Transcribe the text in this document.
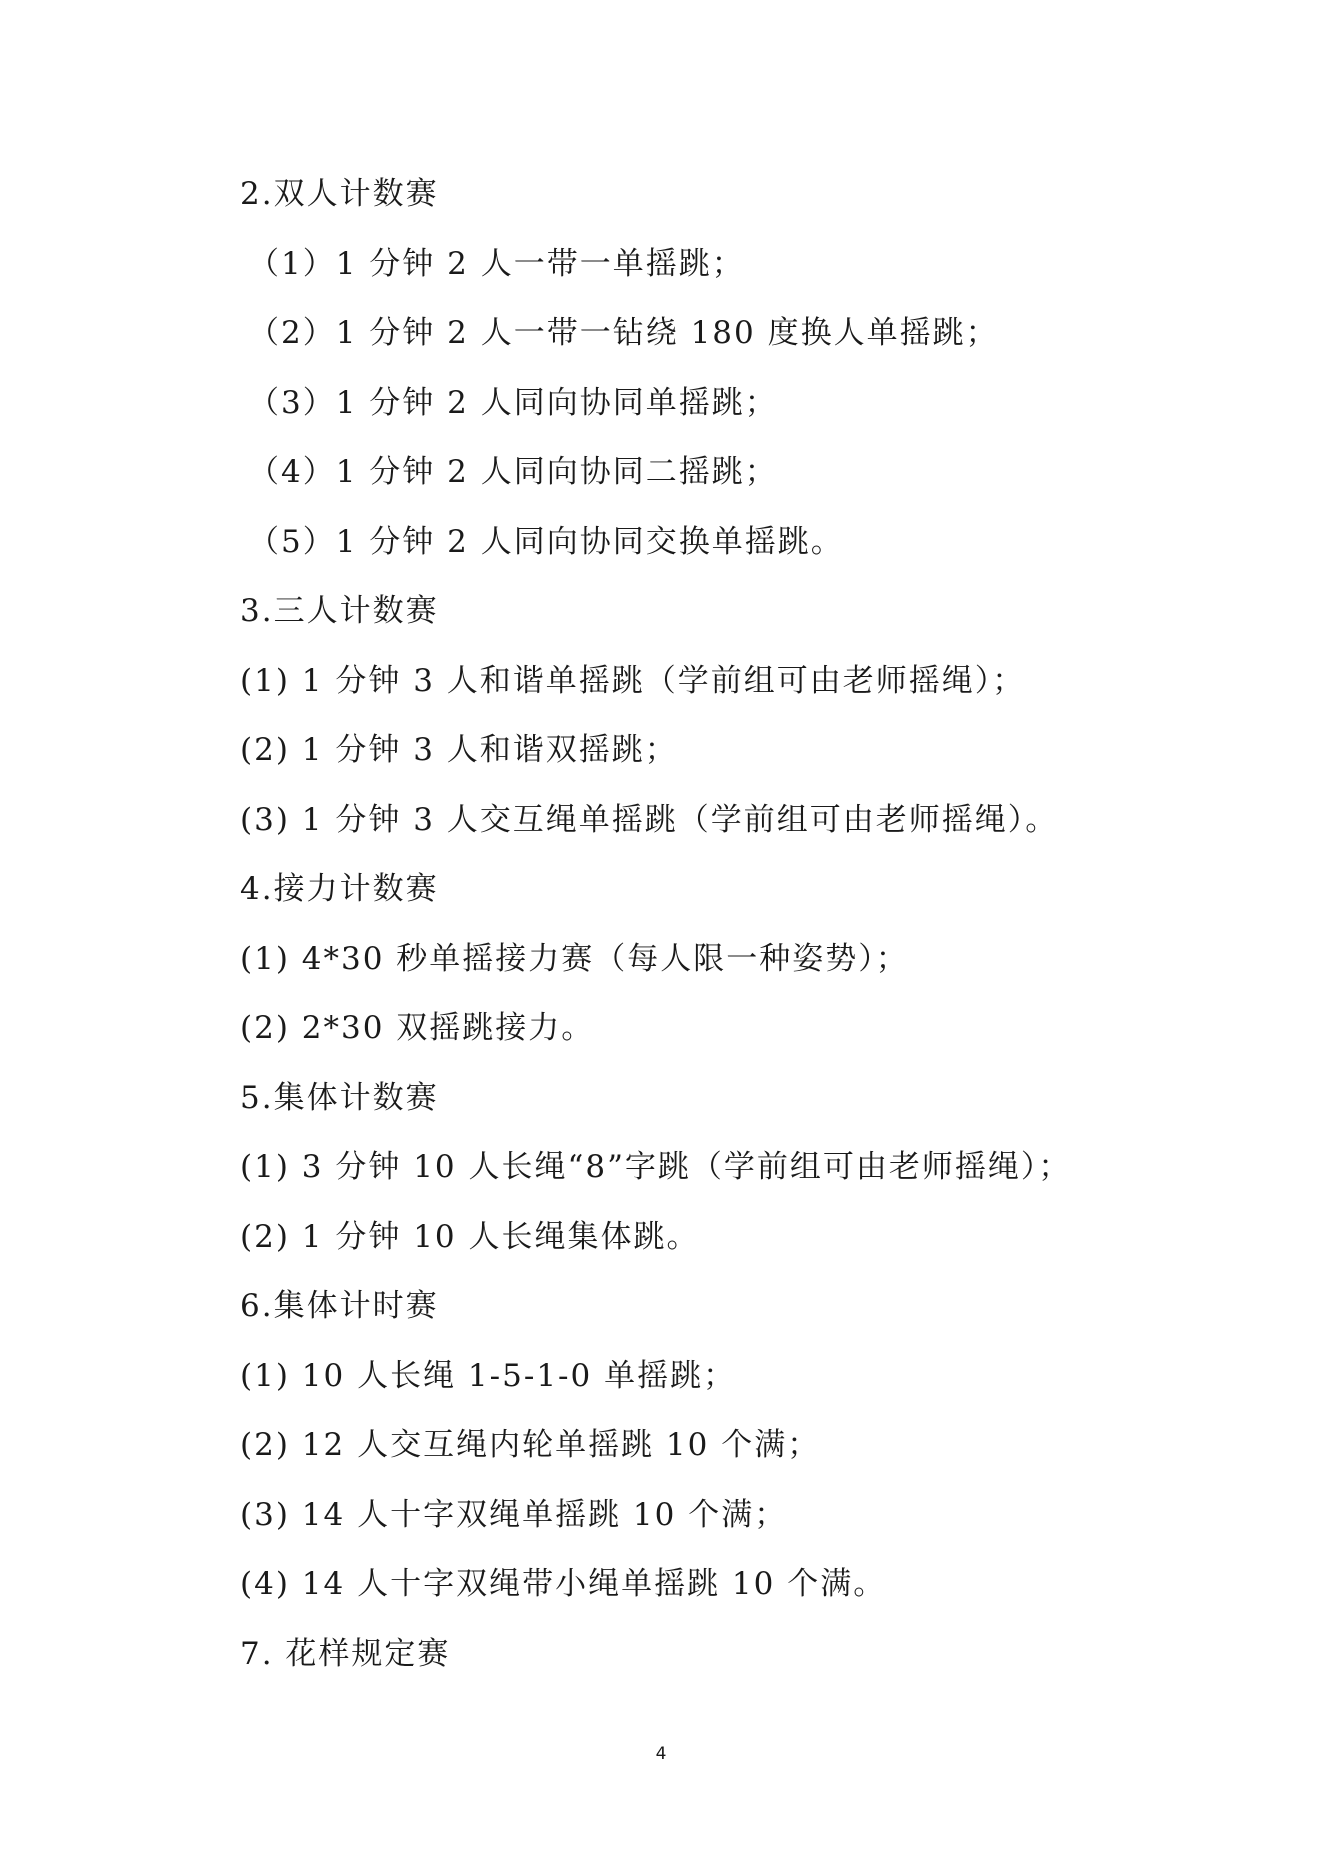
2.双人计数赛
（1）1 分钟 2 人一带一单摇跳；
（2）1 分钟 2 人一带一钻绕 180 度换人单摇跳；
（3）1 分钟 2 人同向协同单摇跳；
（4）1 分钟 2 人同向协同二摇跳；
（5）1 分钟 2 人同向协同交换单摇跳。
3.三人计数赛
(1) 1 分钟 3 人和谐单摇跳（学前组可由老师摇绳）；
(2) 1 分钟 3 人和谐双摇跳；
(3) 1 分钟 3 人交互绳单摇跳（学前组可由老师摇绳）。
4.接力计数赛
(1) 4*30 秒单摇接力赛（每人限一种姿势）；
(2) 2*30 双摇跳接力。
5.集体计数赛
(1) 3 分钟 10 人长绳“8”字跳（学前组可由老师摇绳）；
(2) 1 分钟 10 人长绳集体跳。
6.集体计时赛
(1) 10 人长绳 1-5-1-0 单摇跳；
(2) 12 人交互绳内轮单摇跳 10 个满；
(3) 14 人十字双绳单摇跳 10 个满；
(4) 14 人十字双绳带小绳单摇跳 10 个满。
7. 花样规定赛
4
